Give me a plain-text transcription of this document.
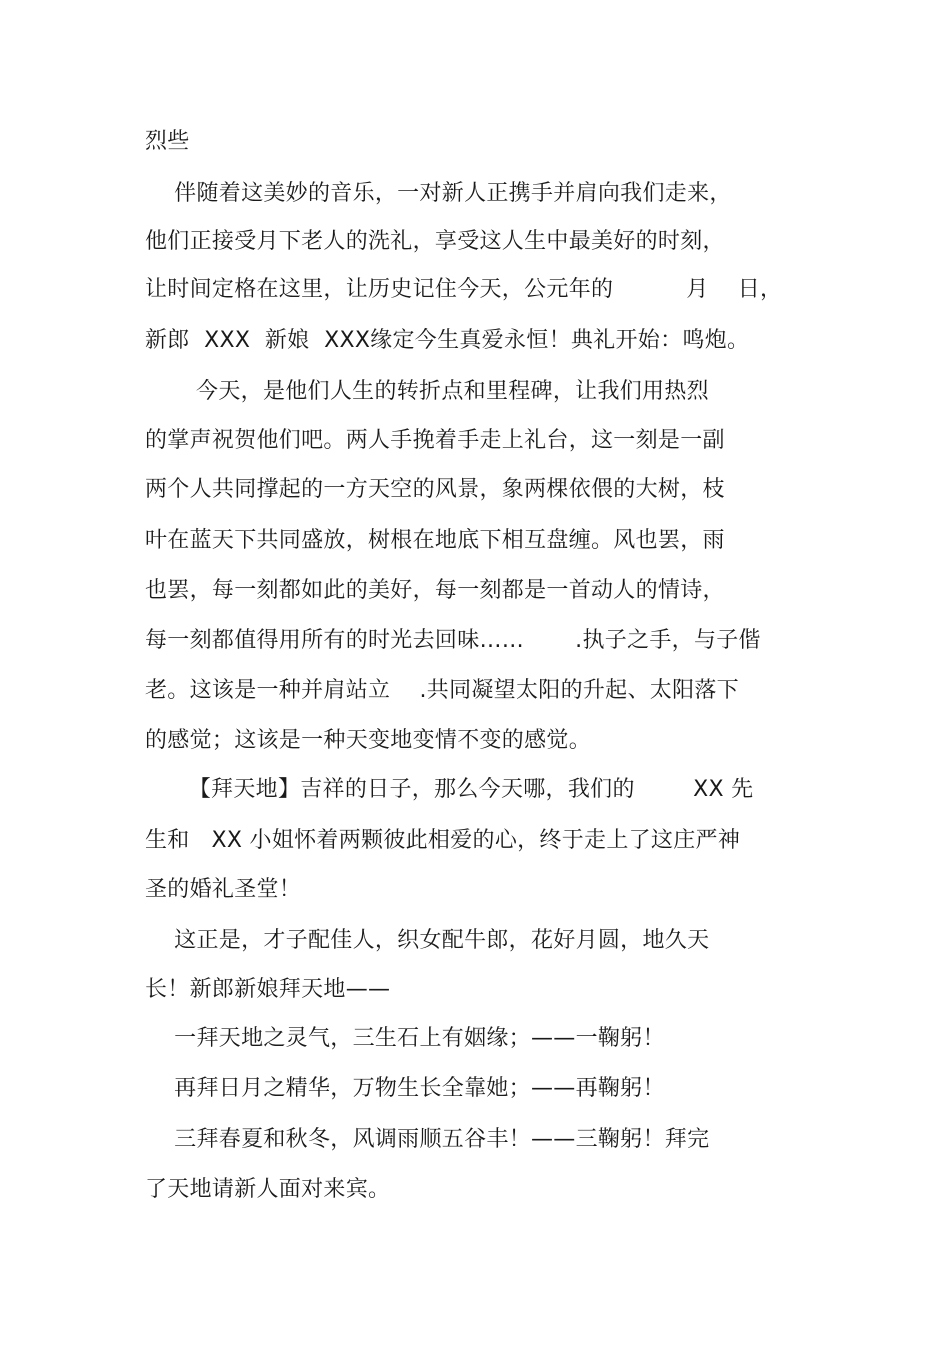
烈些
伴随着这美妙的音乐，一对新人正携手并肩向我们走来，
他们正接受月下老人的洗礼，享受这人生中最美好的时刻，
让时间定格在这里，让历史记住今天，公元年的          月    日，
新郎  XXX  新娘  XXX缘定今生真爱永恒！典礼开始：鸣炮。
今天，是他们人生的转折点和里程碑，让我们用热烈
的掌声祝贺他们吧。两人手挽着手走上礼台，这一刻是一副
两个人共同撑起的一方天空的风景，象两棵依偎的大树，枝
叶在蓝天下共同盛放，树根在地底下相互盘缠。风也罢，雨
也罢，每一刻都如此的美好，每一刻都是一首动人的情诗，
每一刻都值得用所有的时光去回味……       .执子之手，与子偕
老。这该是一种并肩站立    .共同凝望太阳的升起、太阳落下
的感觉；这该是一种天变地变情不变的感觉。
【拜天地】吉祥的日子，那么今天哪，我们的        XX 先
生和   XX 小姐怀着两颗彼此相爱的心，终于走上了这庄严神
圣的婚礼圣堂！
这正是，才子配佳人，织女配牛郎，花好月圆，地久天
长！新郎新娘拜天地——
一拜天地之灵气，三生石上有姻缘；——一鞠躬！
再拜日月之精华，万物生长全靠她；——再鞠躬！
三拜春夏和秋冬，风调雨顺五谷丰！——三鞠躬！拜完
了天地请新人面对来宾。
